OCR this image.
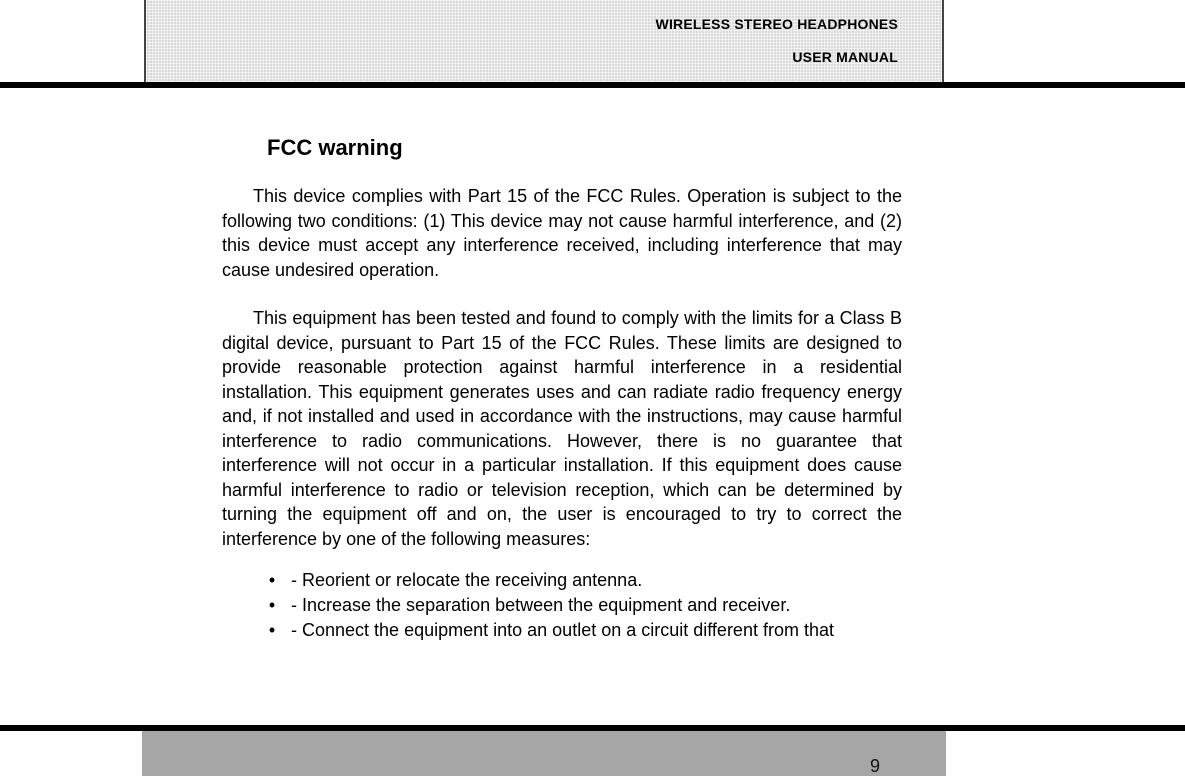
WIRELESS STEREO HEADPHONES
USER MANUAL
FCC warning

This device complies with Part 15 of the FCC Rules. Operation is subject to the following two conditions: (1) This device may not cause harmful interference, and (2) this device must accept any interference received, including interference that may cause undesired operation.

This equipment has been tested and found to comply with the limits for a Class B digital device, pursuant to Part 15 of the FCC Rules. These limits are designed to provide reasonable protection against harmful interference in a residential installation. This equipment generates uses and can radiate radio frequency energy and, if not installed and used in accordance with the instructions, may cause harmful interference to radio communications. However, there is no guarantee that interference will not occur in a particular installation. If this equipment does cause harmful interference to radio or television reception, which can be determined by turning the equipment off and on, the user is encouraged to try to correct the interference by one of the following measures:

• - Reorient or relocate the receiving antenna.
• - Increase the separation between the equipment and receiver.
• - Connect the equipment into an outlet on a circuit different from that
9
